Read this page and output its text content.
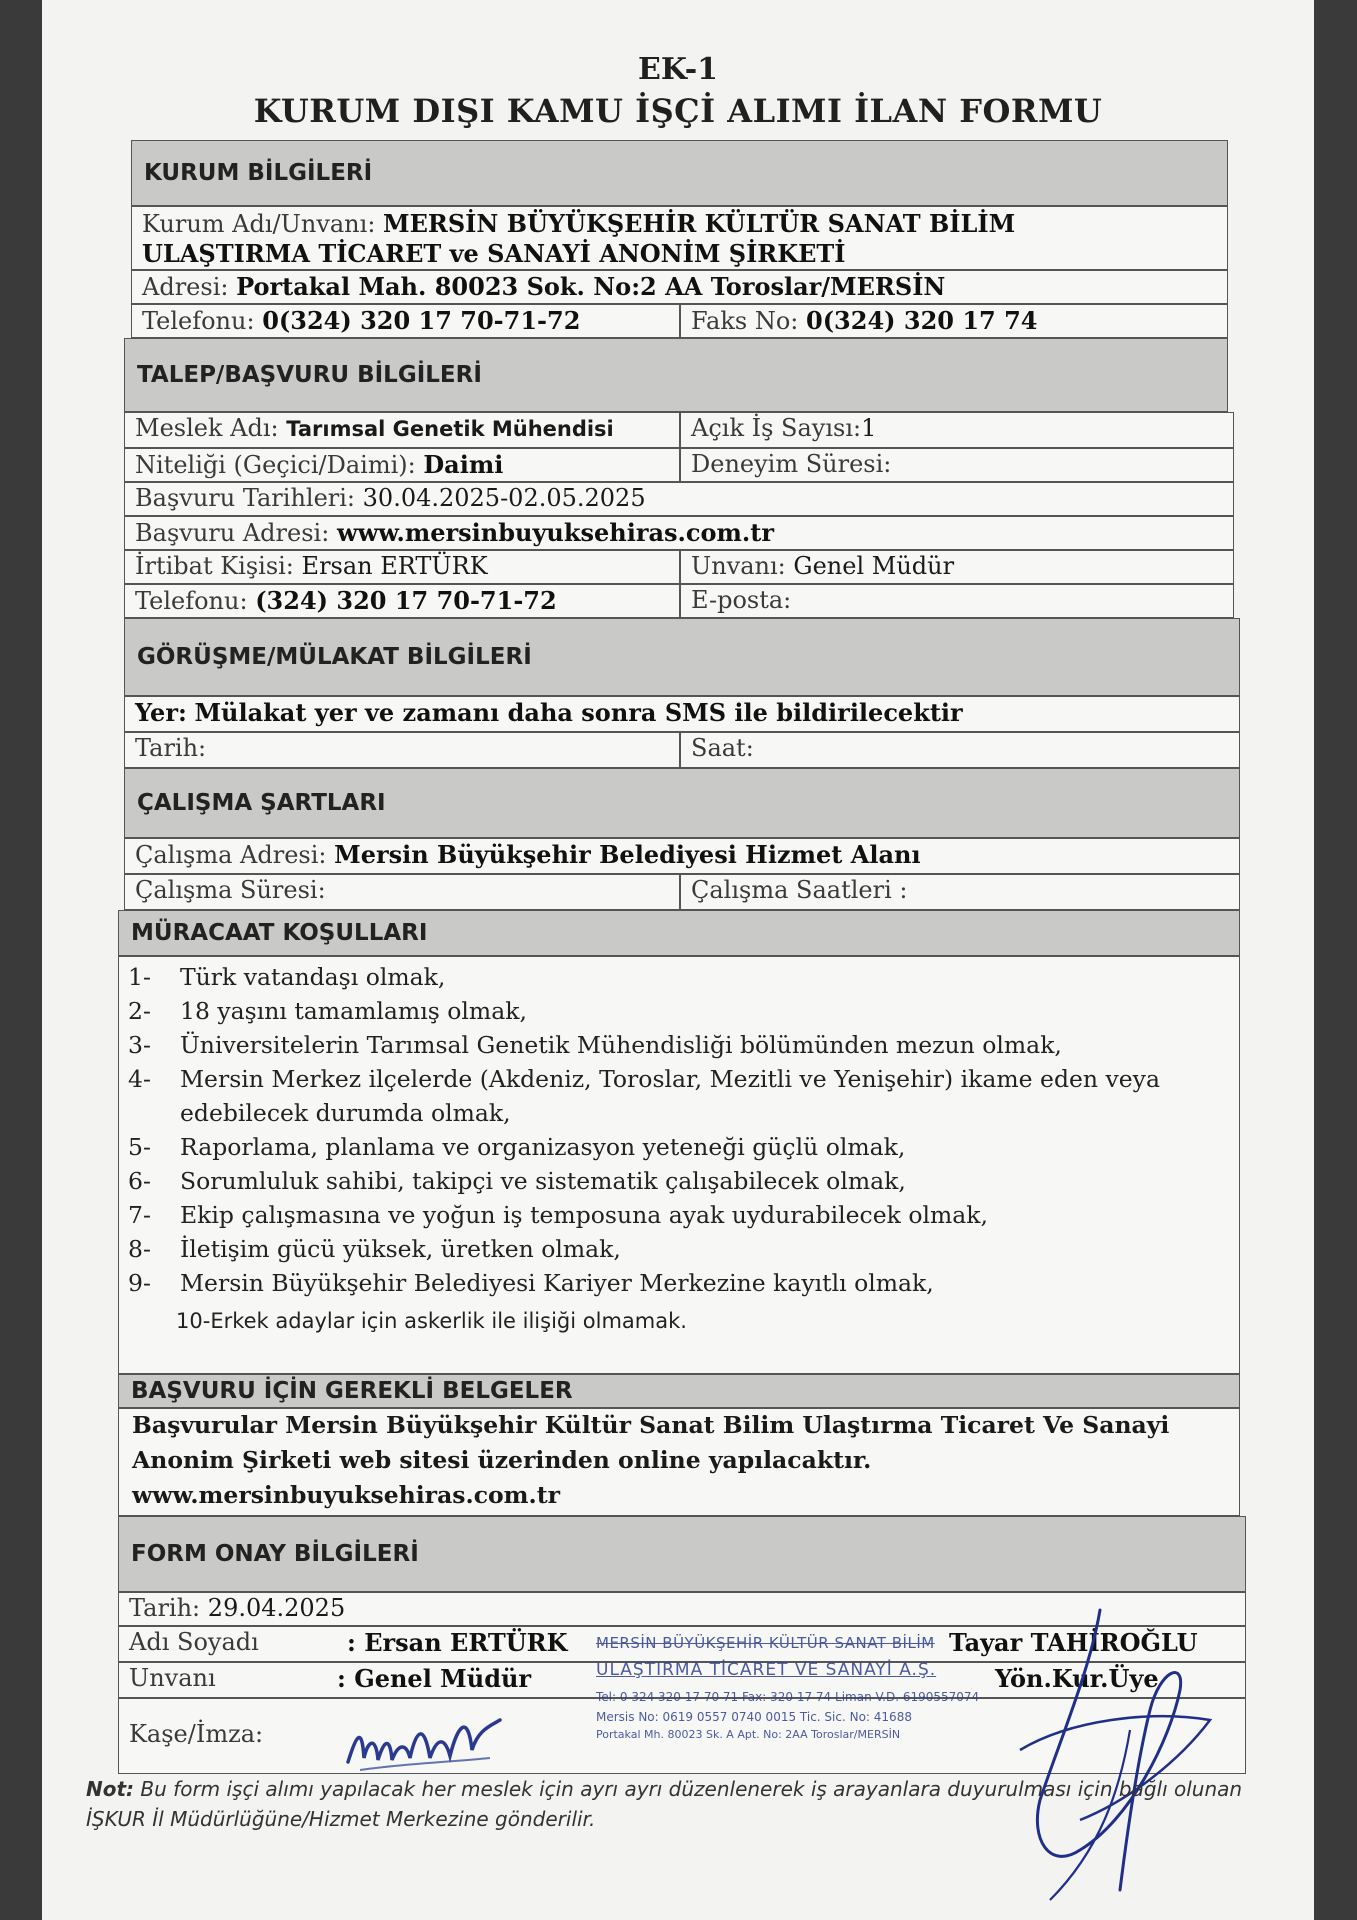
EK-1
KURUM DIŞI KAMU İŞÇİ ALIMI İLAN FORMU
KURUM BİLGİLERİ
Kurum Adı/Unvanı: MERSİN BÜYÜKŞEHİR KÜLTÜR SANAT BİLİM
ULAŞTIRMA TİCARET ve SANAYİ ANONİM ŞİRKETİ
Adresi: Portakal Mah. 80023 Sok. No:2 AA Toroslar/MERSİN
Telefonu: 0(324) 320 17 70-71-72	Faks No: 0(324) 320 17 74
TALEP/BAŞVURU BİLGİLERİ
Meslek Adı: Tarımsal Genetik Mühendisi	Açık İş Sayısı:1
Niteliği (Geçici/Daimi): Daimi	Deneyim Süresi:
Başvuru Tarihleri: 30.04.2025-02.05.2025
Başvuru Adresi: www.mersinbuyuksehiras.com.tr
İrtibat Kişisi: Ersan ERTÜRK	Unvanı: Genel Müdür
Telefonu: (324) 320 17 70-71-72	E-posta:
GÖRÜŞME/MÜLAKAT BİLGİLERİ
Yer: Mülakat yer ve zamanı daha sonra SMS ile bildirilecektir
Tarih:	Saat:
ÇALIŞMA ŞARTLARI
Çalışma Adresi: Mersin Büyükşehir Belediyesi Hizmet Alanı
Çalışma Süresi:	Çalışma Saatleri :
MÜRACAAT KOŞULLARI
1- Türk vatandaşı olmak,
2- 18 yaşını tamamlamış olmak,
3- Üniversitelerin Tarımsal Genetik Mühendisliği bölümünden mezun olmak,
4- Mersin Merkez ilçelerde (Akdeniz, Toroslar, Mezitli ve Yenişehir) ikame eden veya
edebilecek durumda olmak,
5- Raporlama, planlama ve organizasyon yeteneği güçlü olmak,
6- Sorumluluk sahibi, takipçi ve sistematik çalışabilecek olmak,
7- Ekip çalışmasına ve yoğun iş temposuna ayak uydurabilecek olmak,
8- İletişim gücü yüksek, üretken olmak,
9- Mersin Büyükşehir Belediyesi Kariyer Merkezine kayıtlı olmak,
10-Erkek adaylar için askerlik ile ilişiği olmamak.
BAŞVURU İÇİN GEREKLİ BELGELER
Başvurular Mersin Büyükşehir Kültür Sanat Bilim Ulaştırma Ticaret Ve Sanayi
Anonim Şirketi web sitesi üzerinden online yapılacaktır.
www.mersinbuyuksehiras.com.tr
FORM ONAY BİLGİLERİ
Tarih: 29.04.2025
Adı Soyadı	: Ersan ERTÜRK	Tayar TAHİROĞLU
Unvanı	: Genel Müdür	Yön.Kur.Üye
Kaşe/İmza:
MERSİN BÜYÜKŞEHİR KÜLTÜR SANAT BİLİM
ULAŞTIRMA TİCARET VE SANAYİ A.Ş.
Tel: 0 324 320 17 70 71 Fax: 320 17 74 Liman V.D. 6190557074
Mersis No: 0619 0557 0740 0015 Tic. Sic. No: 41688
Portakal Mh. 80023 Sk. A Apt. No: 2AA Toroslar/MERSİN
Not: Bu form işçi alımı yapılacak her meslek için ayrı ayrı düzenlenerek iş arayanlara duyurulması için bağlı olunan İŞKUR İl Müdürlüğüne/Hizmet Merkezine gönderilir.
